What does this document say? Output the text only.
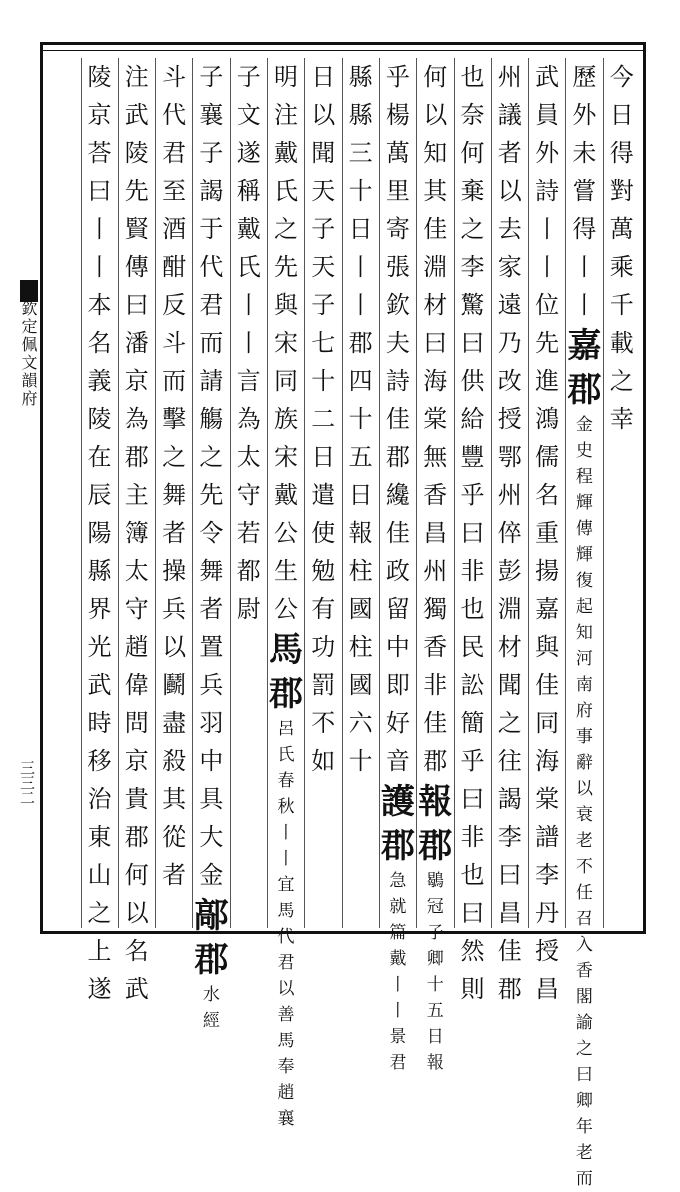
欽定佩文韻府
三三二
今
日
得
對
萬
乘
千
載
之
幸
歷
外
未
嘗
得
丨
丨
嘉
郡
金
史
程
輝
傳
輝
復
起
知
河
南
府
事
辭
以
衰
老
不
任
召
入
香
閣
諭
之
曰
卿
年
老
而
武
員
外
詩
丨
丨
位
先
進
鴻
儒
名
重
揚
嘉
與
佳
同
海
棠
譜
李
丹
授
昌
州
議
者
以
去
家
遠
乃
改
授
鄂
州
倅
彭
淵
材
聞
之
往
謁
李
曰
昌
佳
郡
也
奈
何
棄
之
李
驚
曰
供
給
豐
乎
曰
非
也
民
訟
簡
乎
曰
非
也
曰
然
則
何
以
知
其
佳
淵
材
曰
海
棠
無
香
昌
州
獨
香
非
佳
郡
報
郡
鶡
冠
子
卿
十
五
日
報
乎
楊
萬
里
寄
張
欽
夫
詩
佳
郡
纔
佳
政
留
中
即
好
音
護
郡
急
就
篇
戴
丨
丨
景
君
縣
縣
三
十
日
丨
丨
郡
四
十
五
日
報
柱
國
柱
國
六
十
日
以
聞
天
子
天
子
七
十
二
日
遣
使
勉
有
功
罰
不
如
明
注
戴
氏
之
先
與
宋
同
族
宋
戴
公
生
公
馬
郡
呂
氏
春
秋
丨
丨
宜
馬
代
君
以
善
馬
奉
趙
襄
子
文
遂
稱
戴
氏
丨
丨
言
為
太
守
若
都
尉
子
襄
子
謁
于
代
君
而
請
觴
之
先
令
舞
者
置
兵
羽
中
具
大
金
鄗
郡
水
經
斗
代
君
至
酒
酣
反
斗
而
擊
之
舞
者
操
兵
以
鬬
盡
殺
其
從
者
注
武
陵
先
賢
傳
曰
潘
京
為
郡
主
簿
太
守
趙
偉
問
京
貴
郡
何
以
名
武
陵
京
荅
曰
丨
丨
本
名
義
陵
在
辰
陽
縣
界
光
武
時
移
治
東
山
之
上
遂
